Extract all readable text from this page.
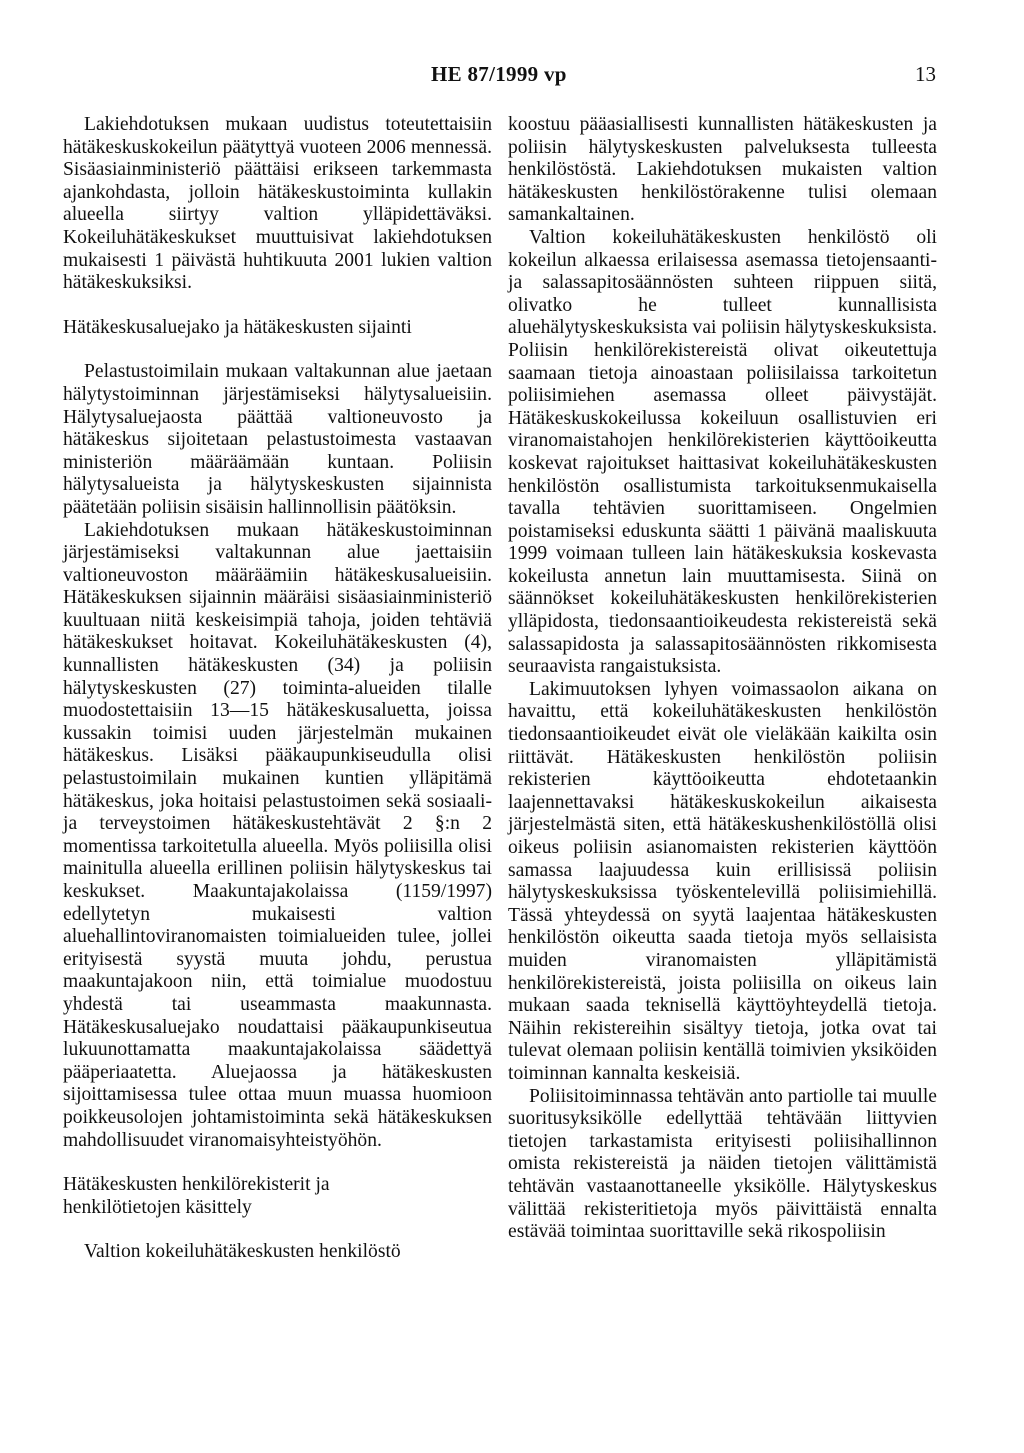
HE 87/1999 vp	13

Lakiehdotuksen mukaan uudistus toteutettaisiin hätäkeskuskokeilun päätyttyä vuoteen 2006 mennessä. Sisäasiainministeriö päättäisi erikseen tarkemmasta ajankohdasta, jolloin hätäkeskustoiminta kullakin alueella siirtyy valtion ylläpidettäväksi. Kokeiluhätäkeskukset muuttuisivat lakiehdotuksen mukaisesti 1 päivästä huhtikuuta 2001 lukien valtion hätäkeskuksiksi.

Hätäkeskusaluejako ja hätäkeskusten sijainti

Pelastustoimilain mukaan valtakunnan alue jaetaan hälytystoiminnan järjestämiseksi hälytysalueisiin. Hälytysaluejaosta päättää valtioneuvosto ja hätäkeskus sijoitetaan pelastustoimesta vastaavan ministeriön määräämään kuntaan. Poliisin hälytysalueista ja hälytyskeskusten sijainnista päätetään poliisin sisäisin hallinnollisin päätöksin.

Lakiehdotuksen mukaan hätäkeskustoiminnan järjestämiseksi valtakunnan alue jaettaisiin valtioneuvoston määräämiin hätäkeskusalueisiin. Hätäkeskuksen sijainnin määräisi sisäasiainministeriö kuultuaan niitä keskeisimpiä tahoja, joiden tehtäviä hätäkeskukset hoitavat. Kokeiluhätäkeskusten (4), kunnallisten hätäkeskusten (34) ja poliisin hälytyskeskusten (27) toiminta-alueiden tilalle muodostettaisiin 13—15 hätäkeskusaluetta, joissa kussakin toimisi uuden järjestelmän mukainen hätäkeskus. Lisäksi pääkaupunkiseudulla olisi pelastustoimilain mukainen kuntien ylläpitämä hätäkeskus, joka hoitaisi pelastustoimen sekä sosiaali- ja terveystoimen hätäkeskustehtävät 2 §:n 2 momentissa tarkoitetulla alueella. Myös poliisilla olisi mainitulla alueella erillinen poliisin hälytyskeskus tai keskukset. Maakuntajakolaissa (1159/1997) edellytetyn mukaisesti valtion aluehallintoviranomaisten toimialueiden tulee, jollei erityisestä syystä muuta johdu, perustua maakuntajakoon niin, että toimialue muodostuu yhdestä tai useammasta maakunnasta. Hätäkeskusaluejako noudattaisi pääkaupunkiseutua lukuunottamatta maakuntajakolaissa säädettyä pääperiaatetta. Aluejaossa ja hätäkeskusten sijoittamisessa tulee ottaa muun muassa huomioon poikkeusolojen johtamistoiminta sekä hätäkeskuksen mahdollisuudet viranomaisyhteistyöhön.

Hätäkeskusten henkilörekisterit ja

henkilötietojen käsittely

Valtion kokeiluhätäkeskusten henkilöstö

koostuu pääasiallisesti kunnallisten hätäkeskusten ja poliisin hälytyskeskusten palveluksesta tulleesta henkilöstöstä. Lakiehdotuksen mukaisten valtion hätäkeskusten henkilöstörakenne tulisi olemaan samankaltainen.

Valtion kokeiluhätäkeskusten henkilöstö oli kokeilun alkaessa erilaisessa asemassa tietojensaanti- ja salassapitosäännösten suhteen riippuen siitä, olivatko he tulleet kunnallisista aluehälytyskeskuksista vai poliisin hälytyskeskuksista. Poliisin henkilörekistereistä olivat oikeutettuja saamaan tietoja ainoastaan poliisilaissa tarkoitetun poliisimiehen asemassa olleet päivystäjät. Hätäkeskuskokeilussa kokeiluun osallistuvien eri viranomaistahojen henkilörekisterien käyttöoikeutta koskevat rajoitukset haittasivat kokeiluhätäkeskusten henkilöstön osallistumista tarkoituksenmukaisella tavalla tehtävien suorittamiseen. Ongelmien poistamiseksi eduskunta säätti 1 päivänä maaliskuuta 1999 voimaan tulleen lain hätäkeskuksia koskevasta kokeilusta annetun lain muuttamisesta. Siinä on säännökset kokeiluhätäkeskusten henkilörekisterien ylläpidosta, tiedonsaantioikeudesta rekistereistä sekä salassapidosta ja salassapitosäännösten rikkomisesta seuraavista rangaistuksista.

Lakimuutoksen lyhyen voimassaolon aikana on havaittu, että kokeiluhätäkeskusten henkilöstön tiedonsaantioikeudet eivät ole vieläkään kaikilta osin riittävät. Hätäkeskusten henkilöstön poliisin rekisterien käyttöoikeutta ehdotetaankin laajennettavaksi hätäkeskuskokeilun aikaisesta järjestelmästä siten, että hätäkeskushenkilöstöllä olisi oikeus poliisin asianomaisten rekisterien käyttöön samassa laajuudessa kuin erillisissä poliisin hälytyskeskuksissa työskentelevillä poliisimiehillä. Tässä yhteydessä on syytä laajentaa hätäkeskusten henkilöstön oikeutta saada tietoja myös sellaisista muiden viranomaisten ylläpitämistä henkilörekistereistä, joista poliisilla on oikeus lain mukaan saada teknisellä käyttöyhteydellä tietoja. Näihin rekistereihin sisältyy tietoja, jotka ovat tai tulevat olemaan poliisin kentällä toimivien yksiköiden toiminnan kannalta keskeisiä.

Poliisitoiminnassa tehtävän anto partiolle tai muulle suoritusyksikölle edellyttää tehtävään liittyvien tietojen tarkastamista erityisesti poliisihallinnon omista rekistereistä ja näiden tietojen välittämistä tehtävän vastaanottaneelle yksikölle. Hälytyskeskus välittää rekisteritietoja myös päivittäistä ennalta estävää toimintaa suorittaville sekä rikospoliisin
